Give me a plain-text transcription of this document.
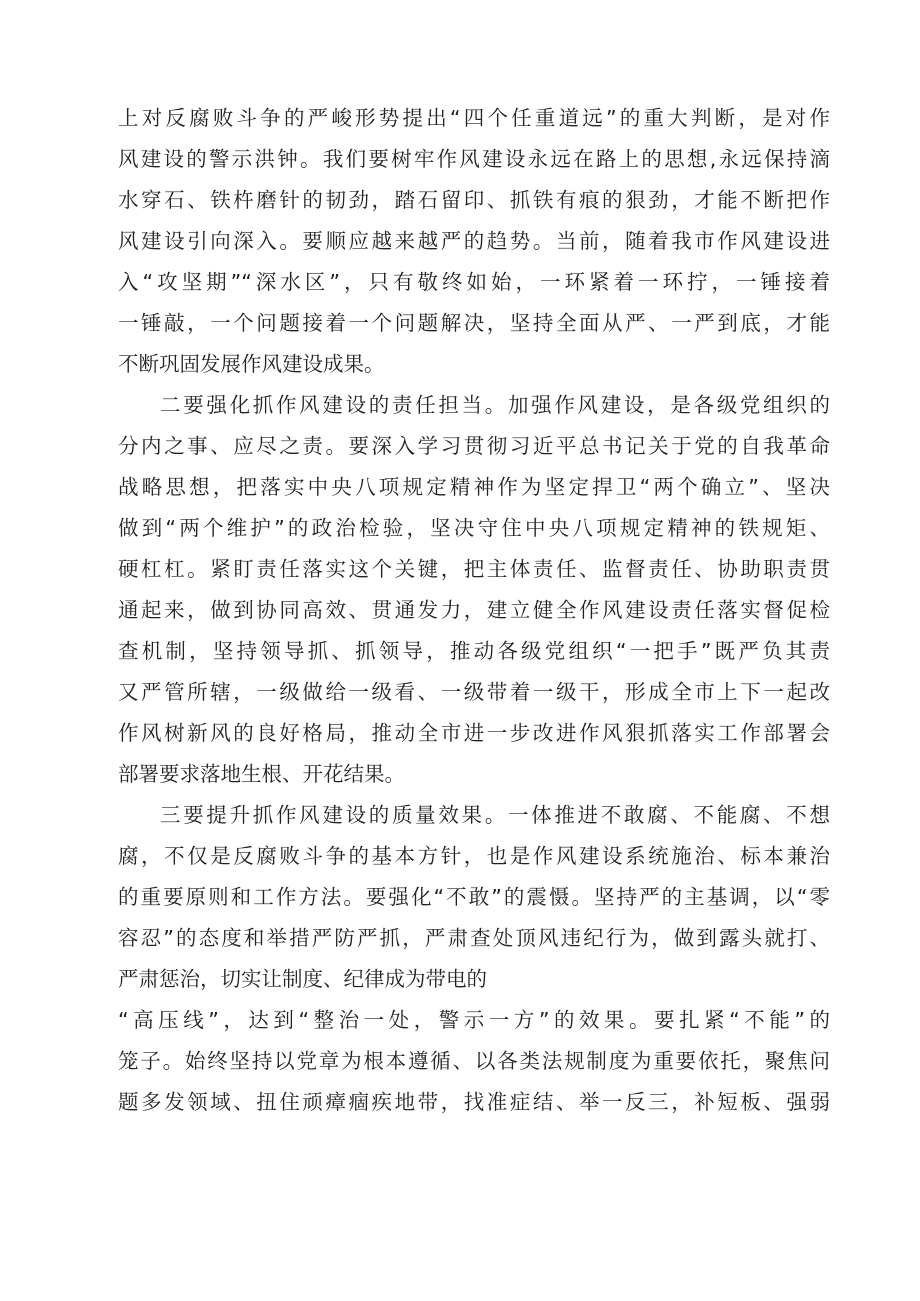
上对反腐败斗争的严峻形势提出“四个任重道远”的重大判断，是对作
风建设的警示洪钟。我们要树牢作风建设永远在路上的思想,永远保持滴
水穿石、铁杵磨针的韧劲，踏石留印、抓铁有痕的狠劲，才能不断把作
风建设引向深入。要顺应越来越严的趋势。当前，随着我市作风建设进
入“攻坚期”“深水区”，只有敬终如始，一环紧着一环拧，一锤接着
一锤敲，一个问题接着一个问题解决，坚持全面从严、一严到底，才能
不断巩固发展作风建设成果。
二要强化抓作风建设的责任担当。加强作风建设，是各级党组织的
分内之事、应尽之责。要深入学习贯彻习近平总书记关于党的自我革命
战略思想，把落实中央八项规定精神作为坚定捍卫“两个确立”、坚决
做到“两个维护”的政治检验，坚决守住中央八项规定精神的铁规矩、
硬杠杠。紧盯责任落实这个关键，把主体责任、监督责任、协助职责贯
通起来，做到协同高效、贯通发力，建立健全作风建设责任落实督促检
查机制，坚持领导抓、抓领导，推动各级党组织“一把手”既严负其责
又严管所辖，一级做给一级看、一级带着一级干，形成全市上下一起改
作风树新风的良好格局，推动全市进一步改进作风狠抓落实工作部署会
部署要求落地生根、开花结果。
三要提升抓作风建设的质量效果。一体推进不敢腐、不能腐、不想
腐，不仅是反腐败斗争的基本方针，也是作风建设系统施治、标本兼治
的重要原则和工作方法。要强化“不敢”的震慑。坚持严的主基调，以“零
容忍”的态度和举措严防严抓，严肃查处顶风违纪行为，做到露头就打、
严肃惩治，切实让制度、纪律成为带电的
“高压线”，达到“整治一处，警示一方”的效果。要扎紧“不能”的
笼子。始终坚持以党章为根本遵循、以各类法规制度为重要依托，聚焦问
题多发领域、扭住顽瘴痼疾地带，找准症结、举一反三，补短板、强弱
